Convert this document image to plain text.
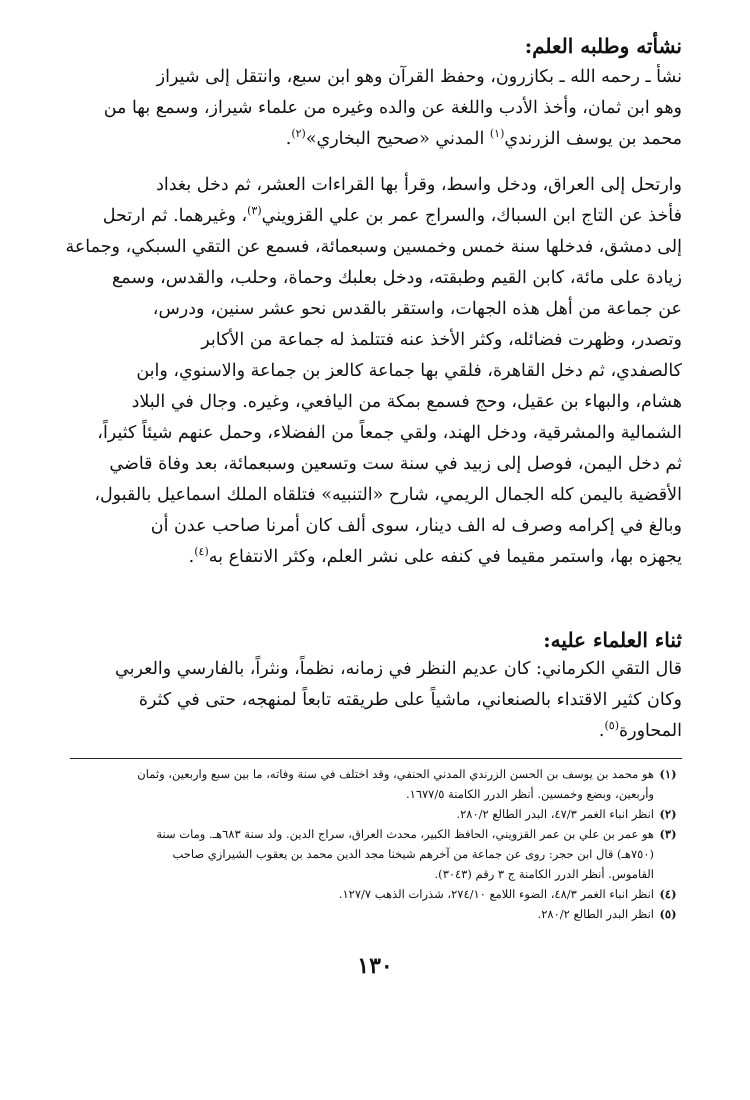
نشأته وطلبه العلم:
نشأ ـ رحمه الله ـ بكازرون، وحفظ القرآن وهو ابن سبع، وانتقل إلى شيراز
وهو ابن ثمان، وأخذ الأدب واللغة عن والده وغيره من علماء شيراز، وسمع بها من
محمد بن يوسف الزرندي$^{(١)}$ المدني «صحيح البخاري»$^{(٢)}$.
وارتحل إلى العراق، ودخل واسط، وقرأ بها القراءات العشر، ثم دخل بغداد
فأخذ عن التاج ابن السباك، والسراج عمر بن علي القزويني$^{(٣)}$، وغيرهما. ثم ارتحل
إلى دمشق، فدخلها سنة خمس وخمسين وسبعمائة، فسمع عن التقي السبكي، وجماعة
زيادة على مائة، كابن القيم وطبقته، ودخل بعلبك وحماة، وحلب، والقدس، وسمع
عن جماعة من أهل هذه الجهات، واستقر بالقدس نحو عشر سنين، ودرس،
وتصدر، وظهرت فضائله، وكثر الأخذ عنه فتتلمذ له جماعة من الأكابر
كالصفدي، ثم دخل القاهرة، فلقي بها جماعة كالعز بن جماعة والاسنوي، وابن
هشام، والبهاء بن عقيل، وحج فسمع بمكة من اليافعي، وغيره. وجال في البلاد
الشمالية والمشرقية، ودخل الهند، ولقي جمعاً من الفضلاء، وحمل عنهم شيئاً كثيراً،
ثم دخل اليمن، فوصل إلى زبيد في سنة ست وتسعين وسبعمائة، بعد وفاة قاضي
الأقضية باليمن كله الجمال الريمي، شارح «التنبيه» فتلقاه الملك اسماعيل بالقبول،
وبالغ في إكرامه وصرف له الف دينار، سوى ألف كان أمرنا صاحب عدن أن
يجهزه بها، واستمر مقيما في كنفه على نشر العلم، وكثر الانتفاع به$^{(٤)}$.
ثناء العلماء عليه:
قال التقي الكرماني: كان عديم النظر في زمانه، نظماً، ونثراً، بالفارسي والعربي
وكان كثير الاقتداء بالصنعاني، ماشياً على طريقته تابعاً لمنهجه، حتى في كثرة
المحاورة$^{(٥)}$.
(١)
هو محمد بن يوسف بن الحسن الزرندي المدني الحنفي، وقد اختلف في سنة وفاته، ما بين سبع واربعين، وثمان
وأربعين، وبضع وخمسين. أنظر الدرر الكامنة ١٦٧٧/٥.
(٢)
انظر انباء الغمر ٤٧/٣، البدر الطالع ٢٨٠/٢.
(٣)
هو عمر بن علي بن عمر القزويني، الحافظ الكبير، محدث العراق، سراج الدين. ولد سنة ٦٨٣هـ. ومات سنة
(٧٥٠هـ) قال ابن حجر: روى عن جماعة من آخرهم شيخنا مجد الدين محمد بن يعقوب الشيرازي صاحب
القاموس. أنظر الدرر الكامنة ج ٣ رقم (٣٠٤٣).
(٤)
انظر انباء الغمر ٤٨/٣، الضوء اللامع ٢٧٤/١٠، شذرات الذهب ١٢٧/٧.
(٥)
انظر البدر الطالع ٢٨٠/٢.
١٣٠
